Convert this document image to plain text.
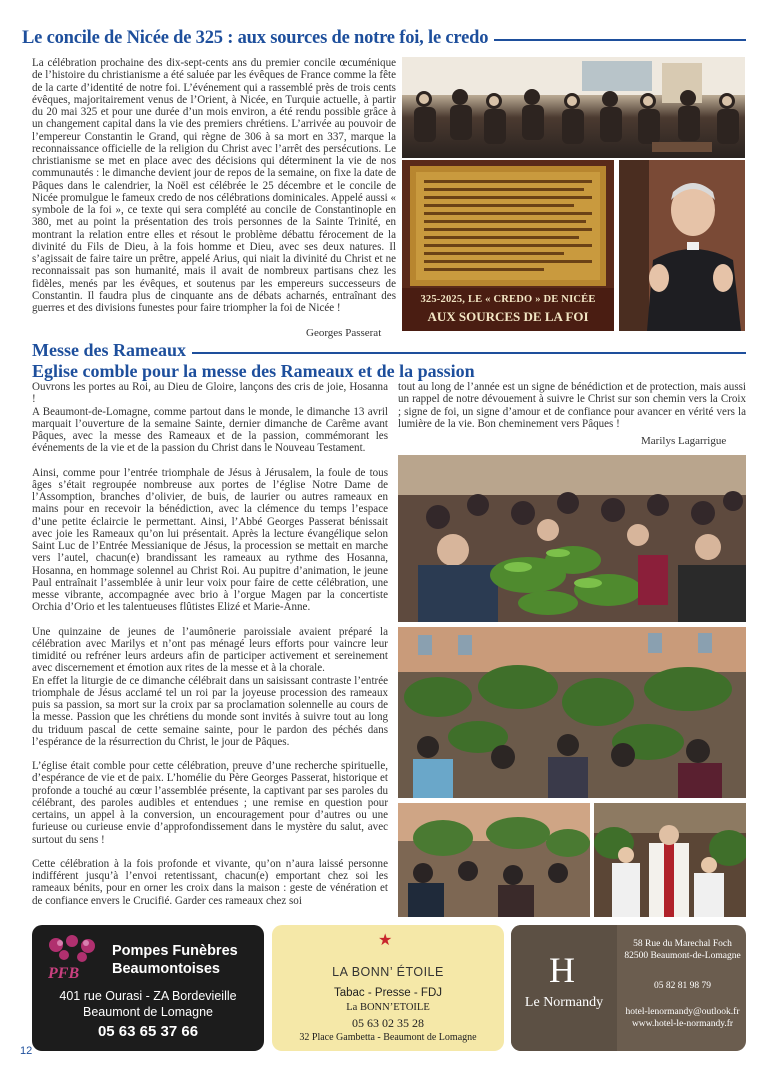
Le concile de Nicée de 325 : aux sources de notre foi, le credo

La célébration prochaine des dix-sept-cents ans du premier concile œcuménique de l’histoire du christianisme a été saluée par les évêques de France comme la fête de la carte d’identité de notre foi. L’événement qui a rassemblé près de trois cents évêques, majoritairement venus de l’Orient, à Nicée, en Turquie actuelle, à partir du 20 mai 325 et pour une durée d’un mois environ, a été rendu possible grâce à un changement capital dans la vie des premiers chrétiens. L’arrivée au pouvoir de l’empereur Constantin le Grand, qui règne de 306 à sa mort en 337, marque la reconnaissance officielle de la religion du Christ avec l’arrêt des persécutions. Le christianisme se met en place avec des décisions qui déterminent la vie de nos communautés : le dimanche devient jour de repos de la semaine, on fixe la date de Pâques dans le calendrier, la Noël est célébrée le 25 décembre et le concile de Nicée promulgue le fameux credo de nos célébrations dominicales. Appelé aussi « symbole de la foi », ce texte qui sera complété au concile de Constantinople en 380, met au point la présentation des trois personnes de la Sainte Trinité, en montrant la relation entre elles et résout le problème débattu férocement de la divinité du Fils de Dieu, à la fois homme et Dieu, avec ses deux natures. Il s’agissait de faire taire un prêtre, appelé Arius, qui niait la divinité du Christ et ne reconnaissait pas son humanité, mais il avait de nombreux partisans chez les fidèles, menés par les évêques, et soutenus par les empereurs successeurs de Constantin. Il faudra plus de cinquante ans de débats acharnés, entraînant des guerres et des divisions funestes pour faire triompher la foi de Nicée !

Georges Passerat
325-2025, LE « CREDO » DE NICÉE
AUX SOURCES DE LA FOI
Messe des Rameaux
Eglise comble pour la messe des Rameaux et de la passion

Ouvrons les portes au Roi, au Dieu de Gloire, lançons des cris de joie, Hosanna !

A Beaumont-de-Lomagne, comme partout dans le monde, le dimanche 13 avril marquait l’ouverture de la semaine Sainte, dernier dimanche de Carême avant Pâques, avec la messe des Rameaux et de la passion, commémorant les événements de la vie et de la passion du Christ dans le Nouveau Testament.

Ainsi, comme pour l’entrée triomphale de Jésus à Jérusalem, la foule de tous âges s’était regroupée nombreuse aux portes de l’église Notre Dame de l’Assomption, branches d’olivier, de buis, de laurier ou autres rameaux en mains pour en recevoir la bénédiction, avec la clémence du temps l’espace d’une petite éclaircie le permettant. Ainsi, l’Abbé Georges Passerat bénissait avec joie les Rameaux qu’on lui présentait. Après la lecture évangélique selon Saint Luc de l’Entrée Messianique de Jésus, la procession se mettait en marche vers l’autel, chacun(e) brandissant les rameaux au rythme des Hosanna, Hosanna, en hommage solennel au Christ Roi. Au pupitre d’animation, le jeune Paul entraînait l’assemblée à unir leur voix pour faire de cette célébration, une messe vibrante, accompagnée avec brio à l’orgue Magen par la concertiste Orchia d’Orio et les talentueuses flûtistes Elizé et Marie-Anne.

Une quinzaine de jeunes de l’aumônerie paroissiale avaient préparé la célébration avec Marilys et n’ont pas ménagé leurs efforts pour vaincre leur timidité ou refréner leurs ardeurs afin de participer activement et sereinement avec discernement et émotion aux rites de la messe et à la chorale.

En effet la liturgie de ce dimanche célébrait dans un saisissant contraste l’entrée triomphale de Jésus acclamé tel un roi par la joyeuse procession des rameaux puis sa passion, sa mort sur la croix par sa proclamation solennelle au cours de la messe. Passion que les chrétiens du monde sont invités à suivre tout au long du triduum pascal de cette semaine sainte, pour le pardon des péchés dans l’espérance de la résurrection du Christ, le jour de Pâques.

L’église était comble pour cette célébration, preuve d’une recherche spirituelle, d’espérance de vie et de paix. L’homélie du Père Georges Passerat, historique et profonde a touché au cœur l’assemblée présente, la captivant par ses paroles du célébrant, des paroles audibles et entendues ; une remise en question pour certains, un appel à la conversion, un encouragement pour d’autres ou une furieuse ou curieuse envie d’approfondissement dans le mystère du salut, avec surtout du sens !

Cette célébration à la fois profonde et vivante, qu’on n’aura laissé personne indifférent jusqu’à l’envoi retentissant, chacun(e) emportant chez soi les rameaux bénits, pour en orner les croix dans la maison : geste de vénération et de confiance envers le Crucifié. Garder ces rameaux chez soi

tout au long de l’année est un signe de bénédiction et de protection, mais aussi un rappel de notre dévouement à suivre le Christ sur son chemin vers la Croix ; signe de foi, un signe d’amour et de confiance pour avancer en vérité vers la lumière de la vie. Bon cheminement vers Pâques !

Marilys Lagarrigue
PFB
Pompes Funèbres
Beaumontoises
401 rue Ourasi - ZA Bordevieille
Beaumont de Lomagne
05 63 65 37 66
★
LA BONN’ ÉTOILE
Tabac - Presse - FDJ
La BONN’ETOILE
05 63 02 35 28
32 Place Gambetta - Beaumont de Lomagne
H
Le Normandy
58 Rue du Marechal Foch
82500 Beaumont-de-Lomagne
05 82 81 98 79
hotel-lenormandy@outlook.fr
www.hotel-le-normandy.fr
12
